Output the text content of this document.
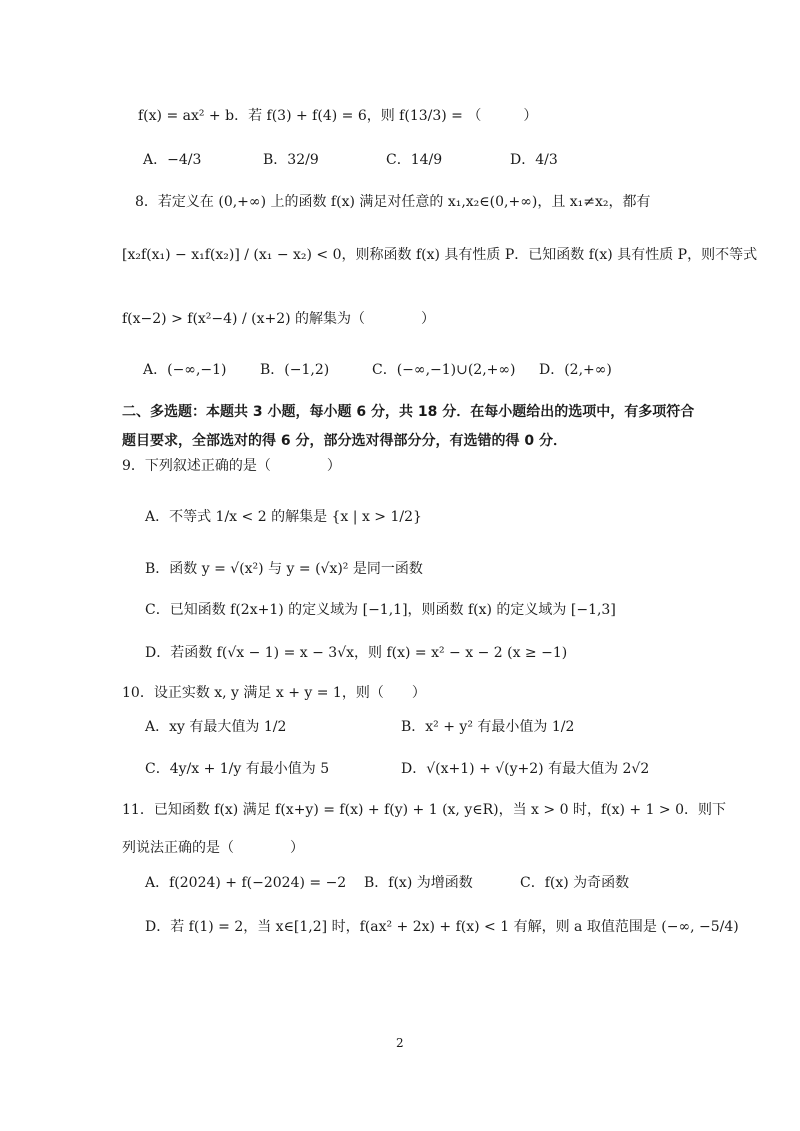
f(x) = ax² + b．若 f(3) + f(4) = 6，则 f(13/3) = （　　　）
A．−4/3	B．32/9	C．14/9	D．4/3
8．若定义在 (0,+∞) 上的函数 f(x) 满足对任意的 x₁,x₂∈(0,+∞)，且 x₁≠x₂，都有
[x₂f(x₁) − x₁f(x₂)] / (x₁ − x₂) < 0，则称函数 f(x) 具有性质 P．已知函数 f(x) 具有性质 P，则不等式
f(x−2) > f(x²−4) / (x+2) 的解集为（　　　　）
A．(−∞,−1) B．(−1,2)	C．(−∞,−1)∪(2,+∞) D．(2,+∞)
二、多选题：本题共 3 小题，每小题 6 分，共 18 分．在每小题给出的选项中，有多项符合
题目要求，全部选对的得 6 分，部分选对得部分分，有选错的得 0 分．
9．下列叙述正确的是（　　　　）
A．不等式 1/x < 2 的解集是 {x | x > 1/2}
B．函数 y = √(x²) 与 y = (√x)² 是同一函数
C．已知函数 f(2x+1) 的定义域为 [−1,1]，则函数 f(x) 的定义域为 [−1,3]
D．若函数 f(√x − 1) = x − 3√x，则 f(x) = x² − x − 2 (x ≥ −1)
10．设正实数 x, y 满足 x + y = 1，则（　　）
A．xy 有最大值为 1/2	B．x² + y² 有最小值为 1/2
C．4y/x + 1/y 有最小值为 5	D．√(x+1) + √(y+2) 有最大值为 2√2
11．已知函数 f(x) 满足 f(x+y) = f(x) + f(y) + 1 (x, y∈R)，当 x > 0 时，f(x) + 1 > 0．则下
列说法正确的是（　　　　）
A．f(2024) + f(−2024) = −2 B．f(x) 为增函数	C．f(x) 为奇函数
D．若 f(1) = 2，当 x∈[1,2] 时，f(ax² + 2x) + f(x) < 1 有解，则 a 取值范围是 (−∞, −5/4)
2
